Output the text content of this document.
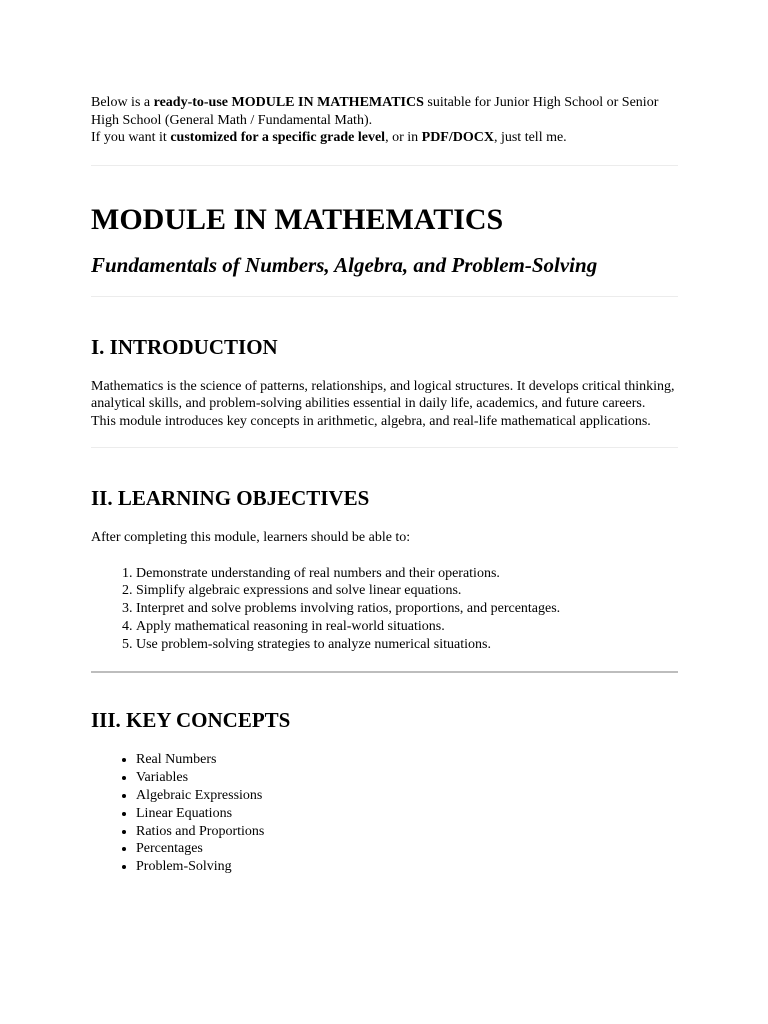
Below is a ready-to-use MODULE IN MATHEMATICS suitable for Junior High School or Senior High School (General Math / Fundamental Math).

If you want it customized for a specific grade level, or in PDF/DOCX, just tell me.

MODULE IN MATHEMATICS
Fundamentals of Numbers, Algebra, and Problem-Solving
I. INTRODUCTION

Mathematics is the science of patterns, relationships, and logical structures. It develops critical thinking, analytical skills, and problem-solving abilities essential in daily life, academics, and future careers.

This module introduces key concepts in arithmetic, algebra, and real-life mathematical applications.

II. LEARNING OBJECTIVES

After completing this module, learners should be able to:

1. Demonstrate understanding of real numbers and their operations.
2. Simplify algebraic expressions and solve linear equations.
3. Interpret and solve problems involving ratios, proportions, and percentages.
4. Apply mathematical reasoning in real-world situations.
5. Use problem-solving strategies to analyze numerical situations.
III. KEY CONCEPTS
• Real Numbers
• Variables
• Algebraic Expressions
• Linear Equations
• Ratios and Proportions
• Percentages
• Problem-Solving
